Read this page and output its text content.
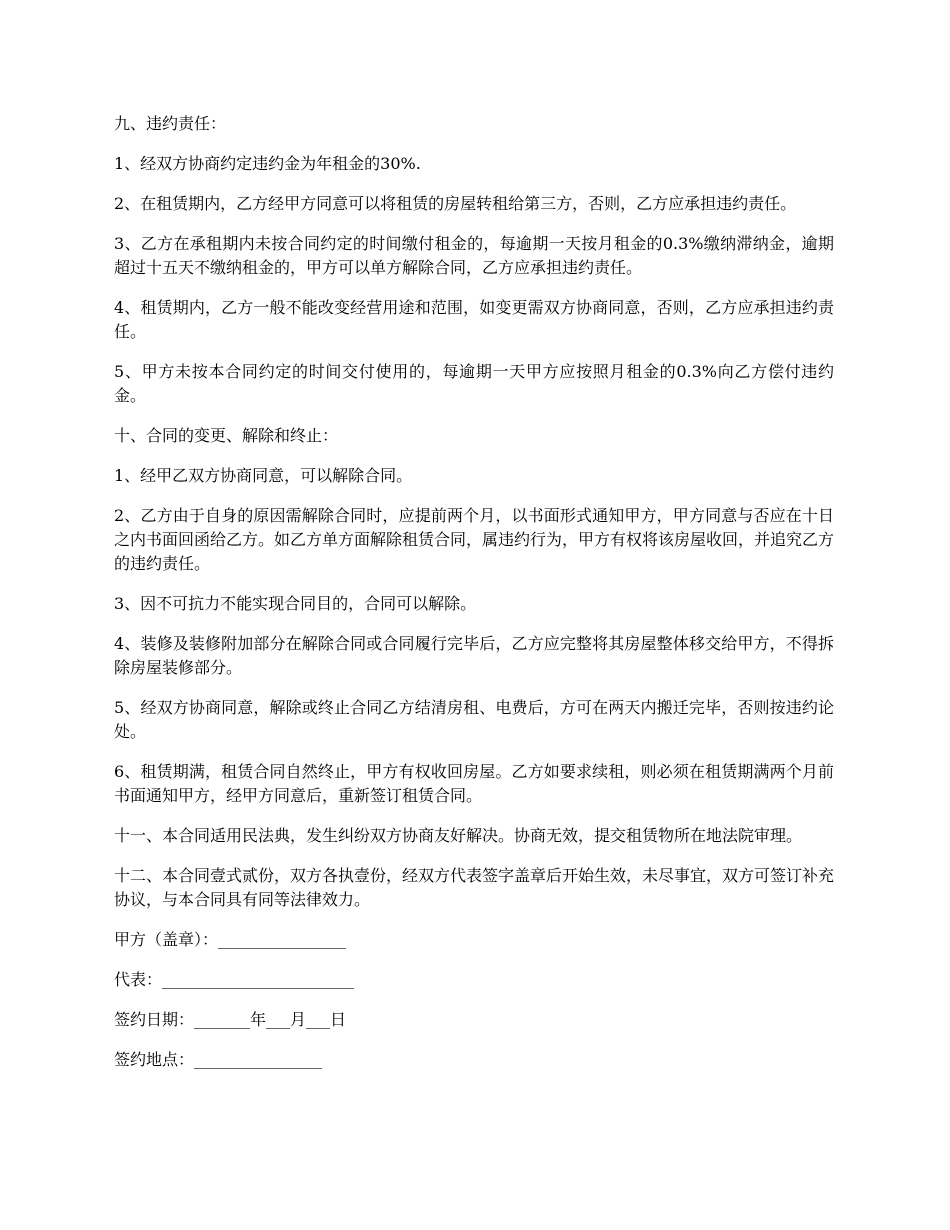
九、违约责任：

1、经双方协商约定违约金为年租金的30%.

2、在租赁期内，乙方经甲方同意可以将租赁的房屋转租给第三方，否则，乙方应承担违约责任。

3、乙方在承租期内未按合同约定的时间缴付租金的，每逾期一天按月租金的0.3%缴纳滞纳金，逾期超过十五天不缴纳租金的，甲方可以单方解除合同，乙方应承担违约责任。

4、租赁期内，乙方一般不能改变经营用途和范围，如变更需双方协商同意，否则，乙方应承担违约责任。

5、甲方未按本合同约定的时间交付使用的，每逾期一天甲方应按照月租金的0.3%向乙方偿付违约金。

十、合同的变更、解除和终止：

1、经甲乙双方协商同意，可以解除合同。

2、乙方由于自身的原因需解除合同时，应提前两个月，以书面形式通知甲方，甲方同意与否应在十日之内书面回函给乙方。如乙方单方面解除租赁合同，属违约行为，甲方有权将该房屋收回，并追究乙方的违约责任。

3、因不可抗力不能实现合同目的，合同可以解除。

4、装修及装修附加部分在解除合同或合同履行完毕后，乙方应完整将其房屋整体移交给甲方，不得拆除房屋装修部分。

5、经双方协商同意，解除或终止合同乙方结清房租、电费后，方可在两天内搬迁完毕，否则按违约论处。

6、租赁期满，租赁合同自然终止，甲方有权收回房屋。乙方如要求续租，则必须在租赁期满两个月前书面通知甲方，经甲方同意后，重新签订租赁合同。

十一、本合同适用民法典，发生纠纷双方协商友好解决。协商无效，提交租赁物所在地法院审理。

十二、本合同壹式贰份，双方各执壹份，经双方代表签字盖章后开始生效，未尽事宜，双方可签订补充协议，与本合同具有同等法律效力。

甲方（盖章）：________________

代表：________________________

签约日期：_______年___月___日

签约地点：________________
